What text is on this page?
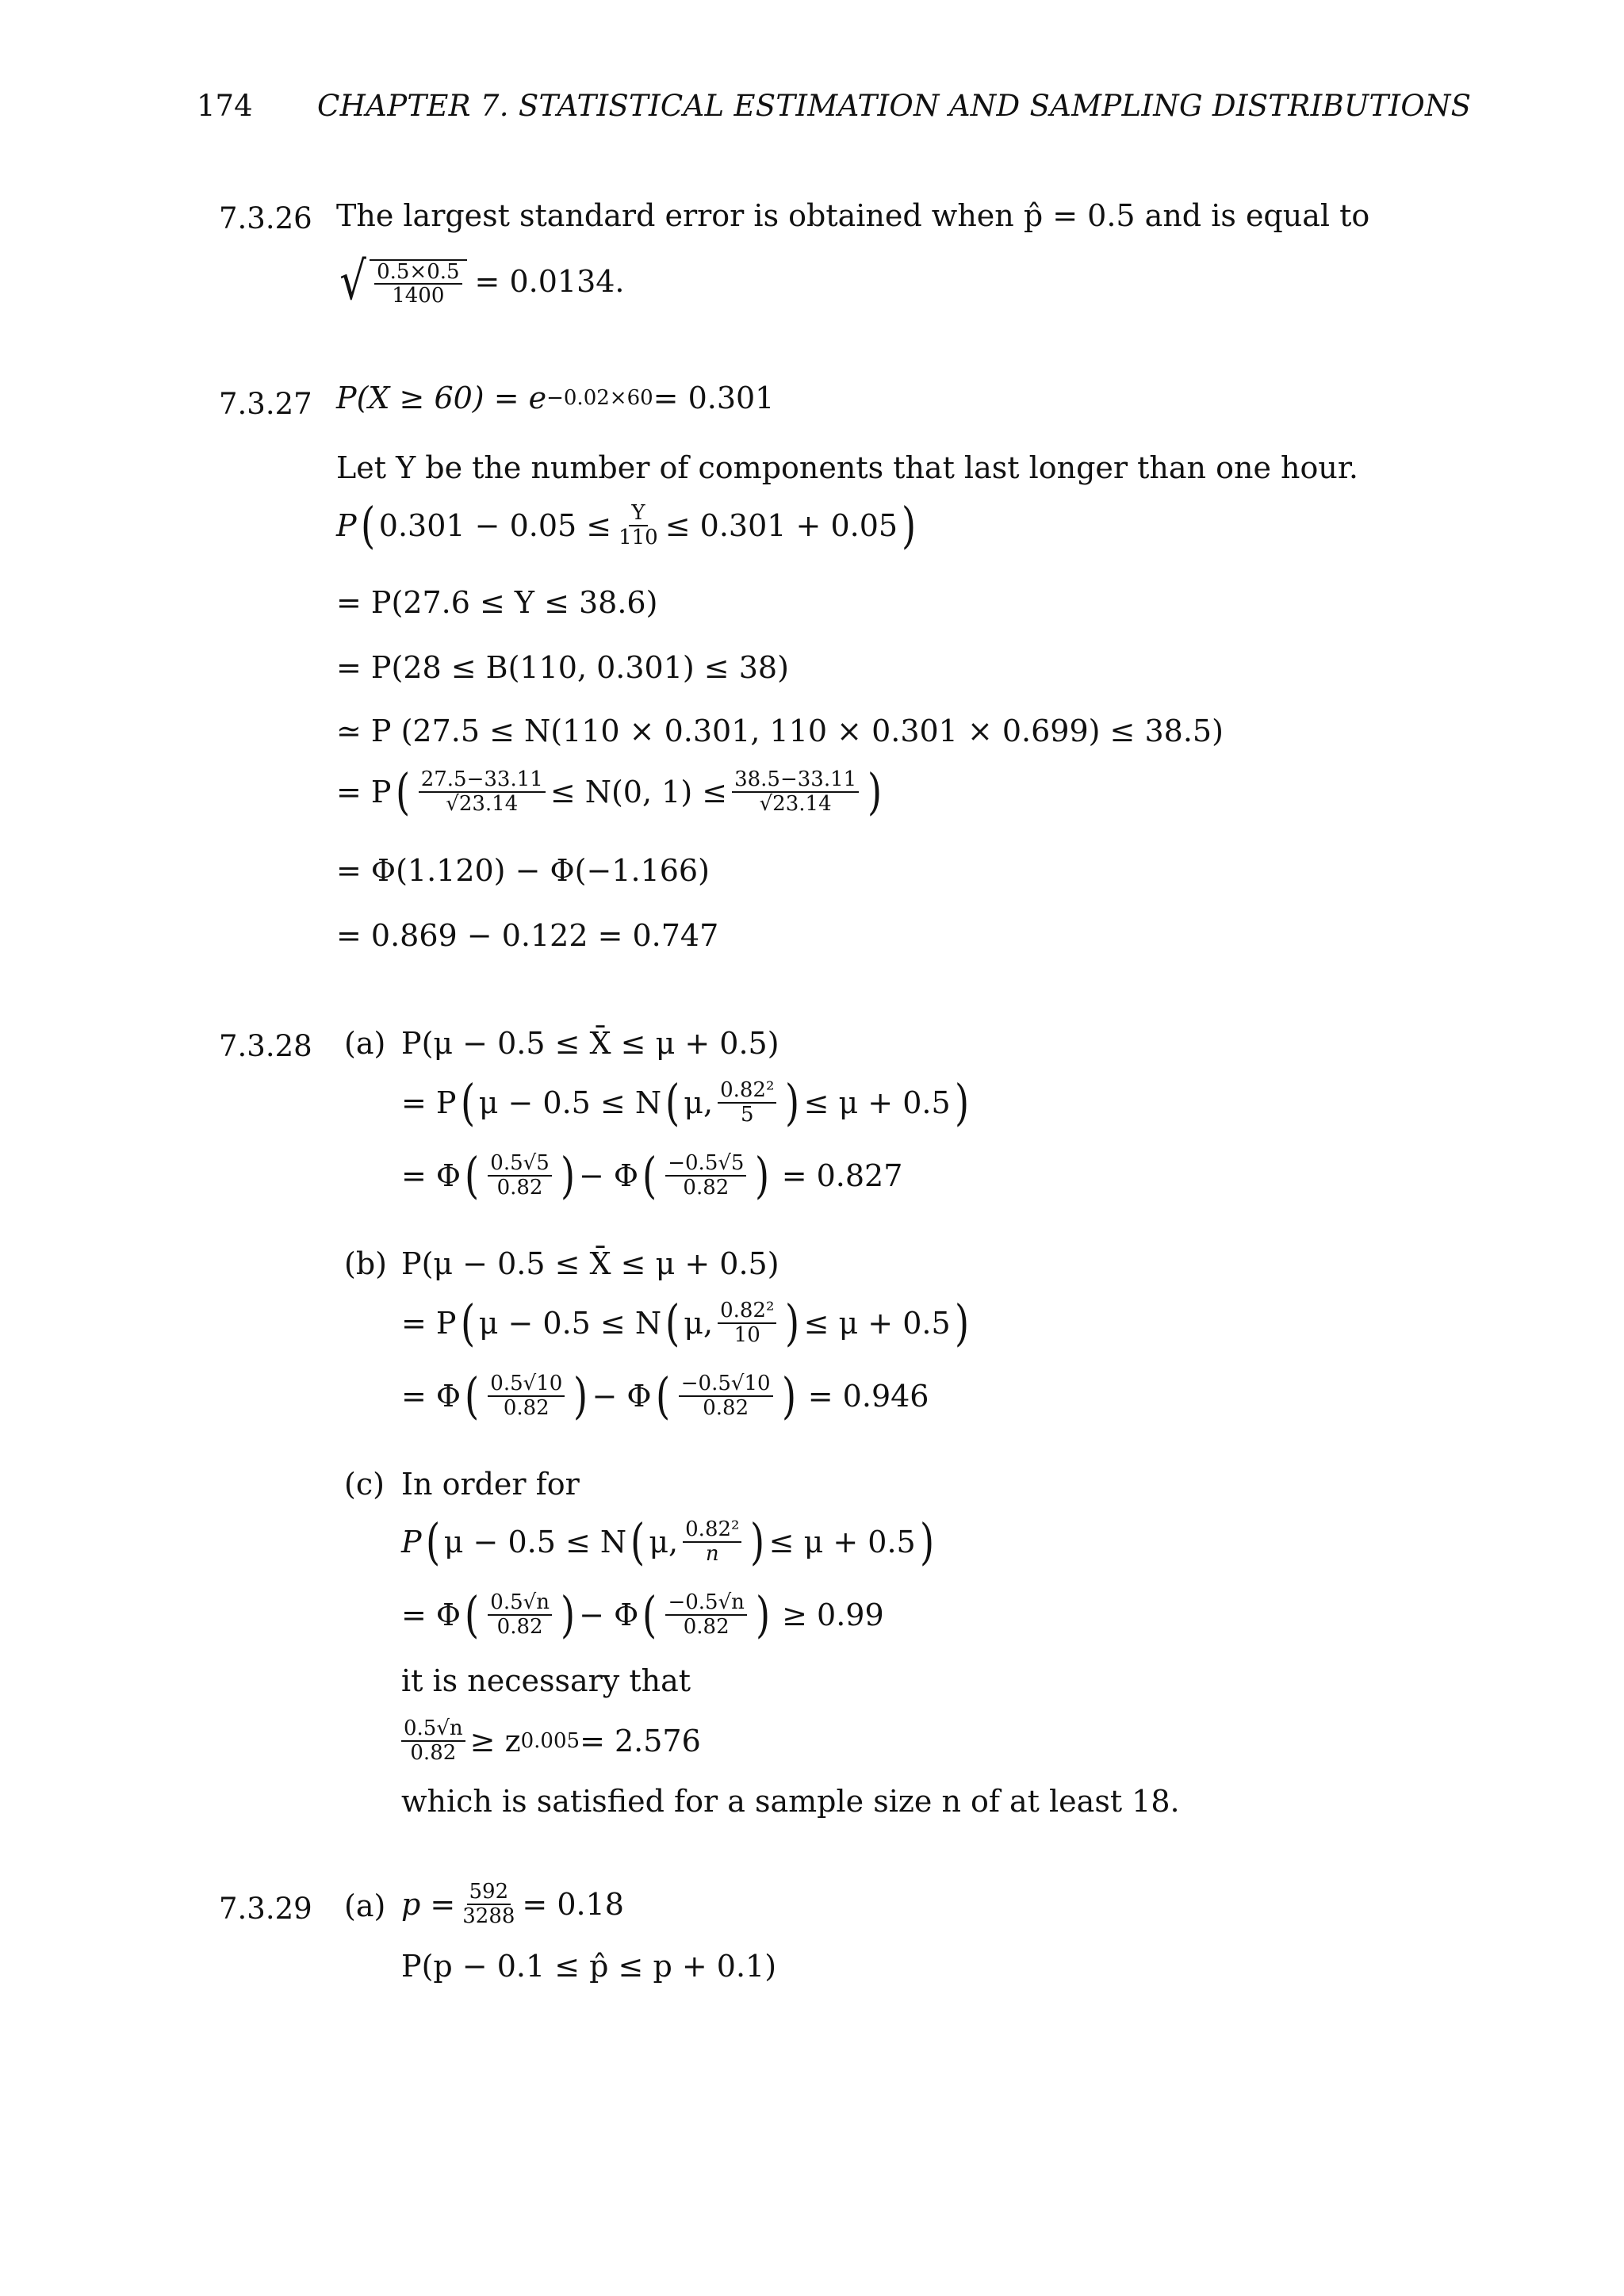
174 CHAPTER 7. STATISTICAL ESTIMATION AND SAMPLING DISTRIBUTIONS
7.3.26 The largest standard error is obtained when p̂ = 0.5 and is equal to
√ $\frac{0.5\times 0.5}{1400} = 0.0134$.
7.3.27 P(X ≥ 60) = e −0.02×60 = 0.301
Let Y be the number of components that last longer than one hour.
P ( $0.301 - 0.05 \le \frac{Y}{110} \le 0.301 + 0.05$ )
= P(27.6 ≤ Y ≤ 38.6)
= P(28 ≤ B(110, 0.301) ≤ 38)
≃ P (27.5 ≤ N(110 × 0.301, 110 × 0.301 × 0.699) ≤ 38.5)
= P ( $\frac{27.5-33.11}{√23.14} \le N(0$, $1) \le \frac{38.5-33.11}{√23.14}$ )
= Φ(1.120) − Φ(−1.166)
= 0.869 − 0.122 = 0.747
7.3.28 (a) P(μ − 0.5 ≤ X̄ ≤ μ + 0.5)
= P ( μ − 0.5 ≤ N ( μ, $\frac{\text{0.82²}}{5}$ ) ≤ μ + 0.5 )
= Φ ( $\frac{0.5√5}{0.82}$ ) − Φ ( $\frac{-0.5√5}{0.82}$ ) = 0.827
(b) P(μ − 0.5 ≤ X̄ ≤ μ + 0.5)
= P ( μ − 0.5 ≤ N ( μ, $\frac{\text{0.82²}}{10}$ ) ≤ μ + 0.5 )
= Φ ( $\frac{0.5√10}{0.82}$ ) − Φ ( $\frac{-0.5√10}{0.82}$ ) = 0.946
(c) In order for
P ( μ − 0.5 ≤ N ( μ, $\frac{\text{0.82²}}{n}$ ) ≤ μ + 0.5 )
= Φ ( $\frac{0.5√n}{0.82}$ ) − Φ ( $\frac{-0.5√n}{0.82}$ ) ≥ 0.99
it is necessary that
$\frac{0.5√n}{0.82} \ge z$ 0.005 = 2.576
which is satisfied for a sample size n of at least 18.
7.3.29 (a) $p = \frac{592}{3288} = 0.18$
P(p − 0.1 ≤ p̂ ≤ p + 0.1)
